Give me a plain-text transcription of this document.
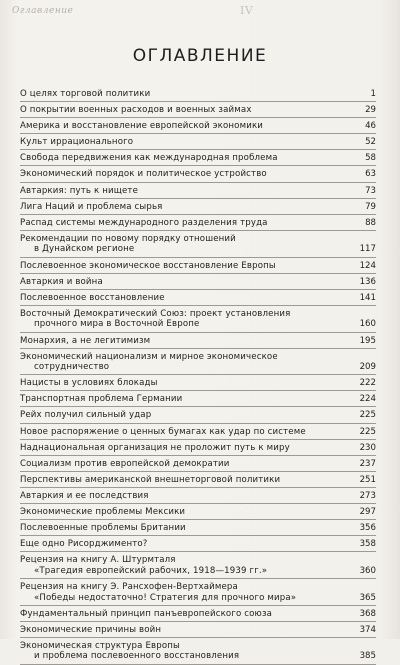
Оглавление	IV
ОГЛАВЛЕНИЕ
О целях торговой политики	1
О покрытии военных расходов и военных займах	29
Америка и восстановление европейской экономики	46
Культ иррационального	52
Свобода передвижения как международная проблема	58
Экономический порядок и политическое устройство	63
Автаркия: путь к нищете	73
Лига Наций и проблема сырья	79
Распад системы международного разделения труда	88
Рекомендации по новому порядку отношений
в Дунайском регионе	117
Послевоенное экономическое восстановление Европы	124
Автаркия и война	136
Послевоенное восстановление	141
Восточный Демократический Союз: проект установления
прочного мира в Восточной Европе	160
Монархия, а не легитимизм	195
Экономический национализм и мирное экономическое
сотрудничество	209
Нацисты в условиях блокады	222
Транспортная проблема Германии	224
Рейх получил сильный удар	225
Новое распоряжение о ценных бумагах как удар по системе	225
Наднациональная организация не проложит путь к миру	230
Социализм против европейской демократии	237
Перспективы американской внешнеторговой политики	251
Автаркия и ее последствия	273
Экономические проблемы Мексики	297
Послевоенные проблемы Британии	356
Еще одно Рисорджименто?	358
Рецензия на книгу А. Штурмталя
«Трагедия европейский рабочих, 1918—1939 гг.»	360
Рецензия на книгу Э. Рансхофен-Вертхаймера
«Победы недостаточно! Стратегия для прочного мира»	365
Фундаментальный принцип панъевропейского союза	368
Экономические причины войн	374
Экономическая структура Европы
и проблема послевоенного восстановления	385
